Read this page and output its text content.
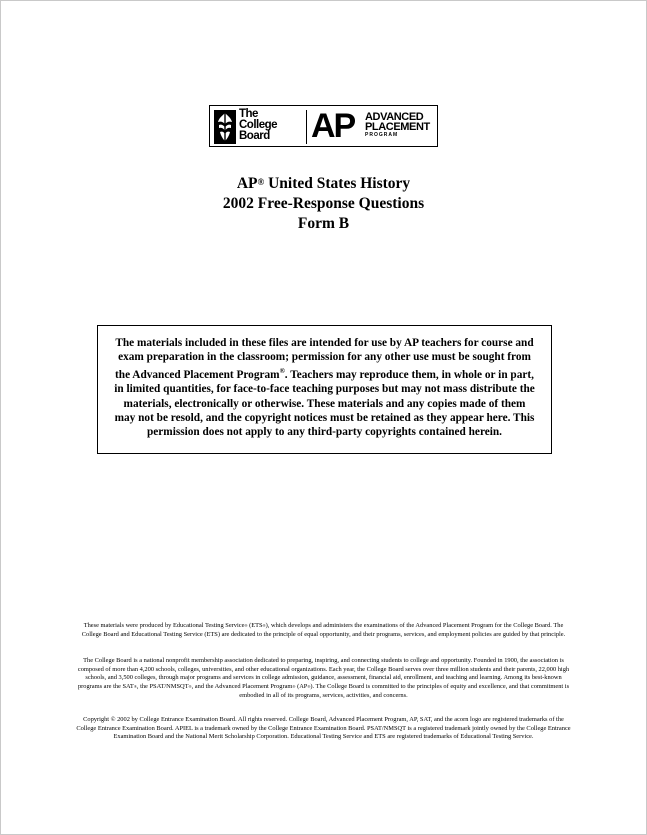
The
College
Board AP ADVANCED
PLACEMENT
PROGRAM
AP® United States History
2002 Free-Response Questions
Form B
The materials included in these files are intended for use by AP teachers for course and exam preparation in the classroom; permission for any other use must be sought from the Advanced Placement Program®. Teachers may reproduce them, in whole or in part, in limited quantities, for face-to-face teaching purposes but may not mass distribute the materials, electronically or otherwise. These materials and any copies made of them may not be resold, and the copyright notices must be retained as they appear here. This permission does not apply to any third-party copyrights contained herein.
These materials were produced by Educational Testing Service® (ETS®), which develops and administers the examinations of the Advanced Placement Program for the College Board. The College Board and Educational Testing Service (ETS) are dedicated to the principle of equal opportunity, and their programs, services, and employment policies are guided by that principle.
The College Board is a national nonprofit membership association dedicated to preparing, inspiring, and connecting students to college and opportunity. Founded in 1900, the association is composed of more than 4,200 schools, colleges, universities, and other educational organizations. Each year, the College Board serves over three million students and their parents, 22,000 high schools, and 3,500 colleges, through major programs and services in college admission, guidance, assessment, financial aid, enrollment, and teaching and learning. Among its best-known programs are the SAT®, the PSAT/NMSQT®, and the Advanced Placement Program® (AP®). The College Board is committed to the principles of equity and excellence, and that commitment is embodied in all of its programs, services, activities, and concerns.
Copyright © 2002 by College Entrance Examination Board. All rights reserved. College Board, Advanced Placement Program, AP, SAT, and the acorn logo are registered trademarks of the College Entrance Examination Board. APIEL is a trademark owned by the College Entrance Examination Board. PSAT/NMSQT is a registered trademark jointly owned by the College Entrance Examination Board and the National Merit Scholarship Corporation. Educational Testing Service and ETS are registered trademarks of Educational Testing Service.
